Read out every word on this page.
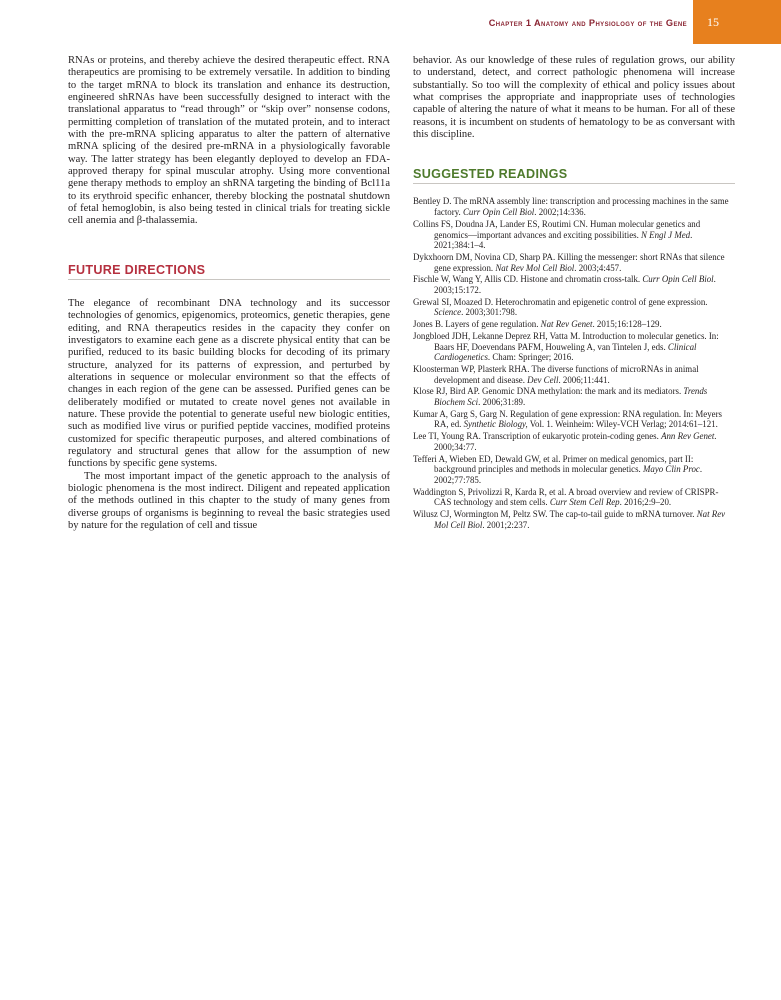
Chapter 1 Anatomy and Physiology of the Gene	15

RNAs or proteins, and thereby achieve the desired therapeutic effect. RNA therapeutics are promising to be extremely versatile. In addition to binding to the target mRNA to block its translation and enhance its destruction, engineered shRNAs have been successfully designed to interact with the translational apparatus to “read through” or “skip over” nonsense codons, permitting completion of translation of the mutated protein, and to interact with the pre-mRNA splicing apparatus to alter the pattern of alternative mRNA splicing of the desired pre-mRNA in a physiologically favorable way. The latter strategy has been elegantly deployed to develop an FDA-approved therapy for spinal muscular atrophy. Using more conventional gene therapy methods to employ an shRNA targeting the binding of Bcl11a to its erythroid specific enhancer, thereby blocking the postnatal shutdown of fetal hemoglobin, is also being tested in clinical trials for treating sickle cell anemia and β-thalassemia.

FUTURE DIRECTIONS

The elegance of recombinant DNA technology and its successor technologies of genomics, epigenomics, proteomics, genetic therapies, gene editing, and RNA therapeutics resides in the capacity they confer on investigators to examine each gene as a discrete physical entity that can be purified, reduced to its basic building blocks for decoding of its primary structure, analyzed for its patterns of expression, and perturbed by alterations in sequence or molecular environment so that the effects of changes in each region of the gene can be assessed. Purified genes can be deliberately modified or mutated to create novel genes not available in nature. These provide the potential to generate useful new biologic entities, such as modified live virus or purified peptide vaccines, modified proteins customized for specific therapeutic purposes, and altered combinations of regulatory and structural genes that allow for the assumption of new functions by specific gene systems.

The most important impact of the genetic approach to the analysis of biologic phenomena is the most indirect. Diligent and repeated application of the methods outlined in this chapter to the study of many genes from diverse groups of organisms is beginning to reveal the basic strategies used by nature for the regulation of cell and tissue

behavior. As our knowledge of these rules of regulation grows, our ability to understand, detect, and correct pathologic phenomena will increase substantially. So too will the complexity of ethical and policy issues about what comprises the appropriate and inappropriate uses of technologies capable of altering the nature of what it means to be human. For all of these reasons, it is incumbent on students of hematology to be as conversant with this discipline.

SUGGESTED READINGS

Bentley D. The mRNA assembly line: transcription and processing machines in the same factory. Curr Opin Cell Biol. 2002;14:336.

Collins FS, Doudna JA, Lander ES, Routimi CN. Human molecular genetics and genomics—important advances and exciting possibilities. N Engl J Med. 2021;384:1–4.

Dykxhoorn DM, Novina CD, Sharp PA. Killing the messenger: short RNAs that silence gene expression. Nat Rev Mol Cell Biol. 2003;4:457.

Fischle W, Wang Y, Allis CD. Histone and chromatin cross-talk. Curr Opin Cell Biol. 2003;15:172.

Grewal SI, Moazed D. Heterochromatin and epigenetic control of gene expression. Science. 2003;301:798.

Jones B. Layers of gene regulation. Nat Rev Genet. 2015;16:128–129.

Jongbloed JDH, Lekanne Deprez RH, Vatta M. Introduction to molecular genetics. In: Baars HF, Doevendans PAFM, Houweling A, van Tintelen J, eds. Clinical Cardiogenetics. Cham: Springer; 2016.

Kloosterman WP, Plasterk RHA. The diverse functions of microRNAs in animal development and disease. Dev Cell. 2006;11:441.

Klose RJ, Bird AP. Genomic DNA methylation: the mark and its mediators. Trends Biochem Sci. 2006;31:89.

Kumar A, Garg S, Garg N. Regulation of gene expression: RNA regulation. In: Meyers RA, ed. Synthetic Biology, Vol. 1. Weinheim: Wiley-VCH Verlag; 2014:61–121.

Lee TI, Young RA. Transcription of eukaryotic protein-coding genes. Ann Rev Genet. 2000;34:77.

Tefferi A, Wieben ED, Dewald GW, et al. Primer on medical genomics, part II: background principles and methods in molecular genetics. Mayo Clin Proc. 2002;77:785.

Waddington S, Privolizzi R, Karda R, et al. A broad overview and review of CRISPR-CAS technology and stem cells. Curr Stem Cell Rep. 2016;2:9–20.

Wilusz CJ, Wormington M, Peltz SW. The cap-to-tail guide to mRNA turnover. Nat Rev Mol Cell Biol. 2001;2:237.
